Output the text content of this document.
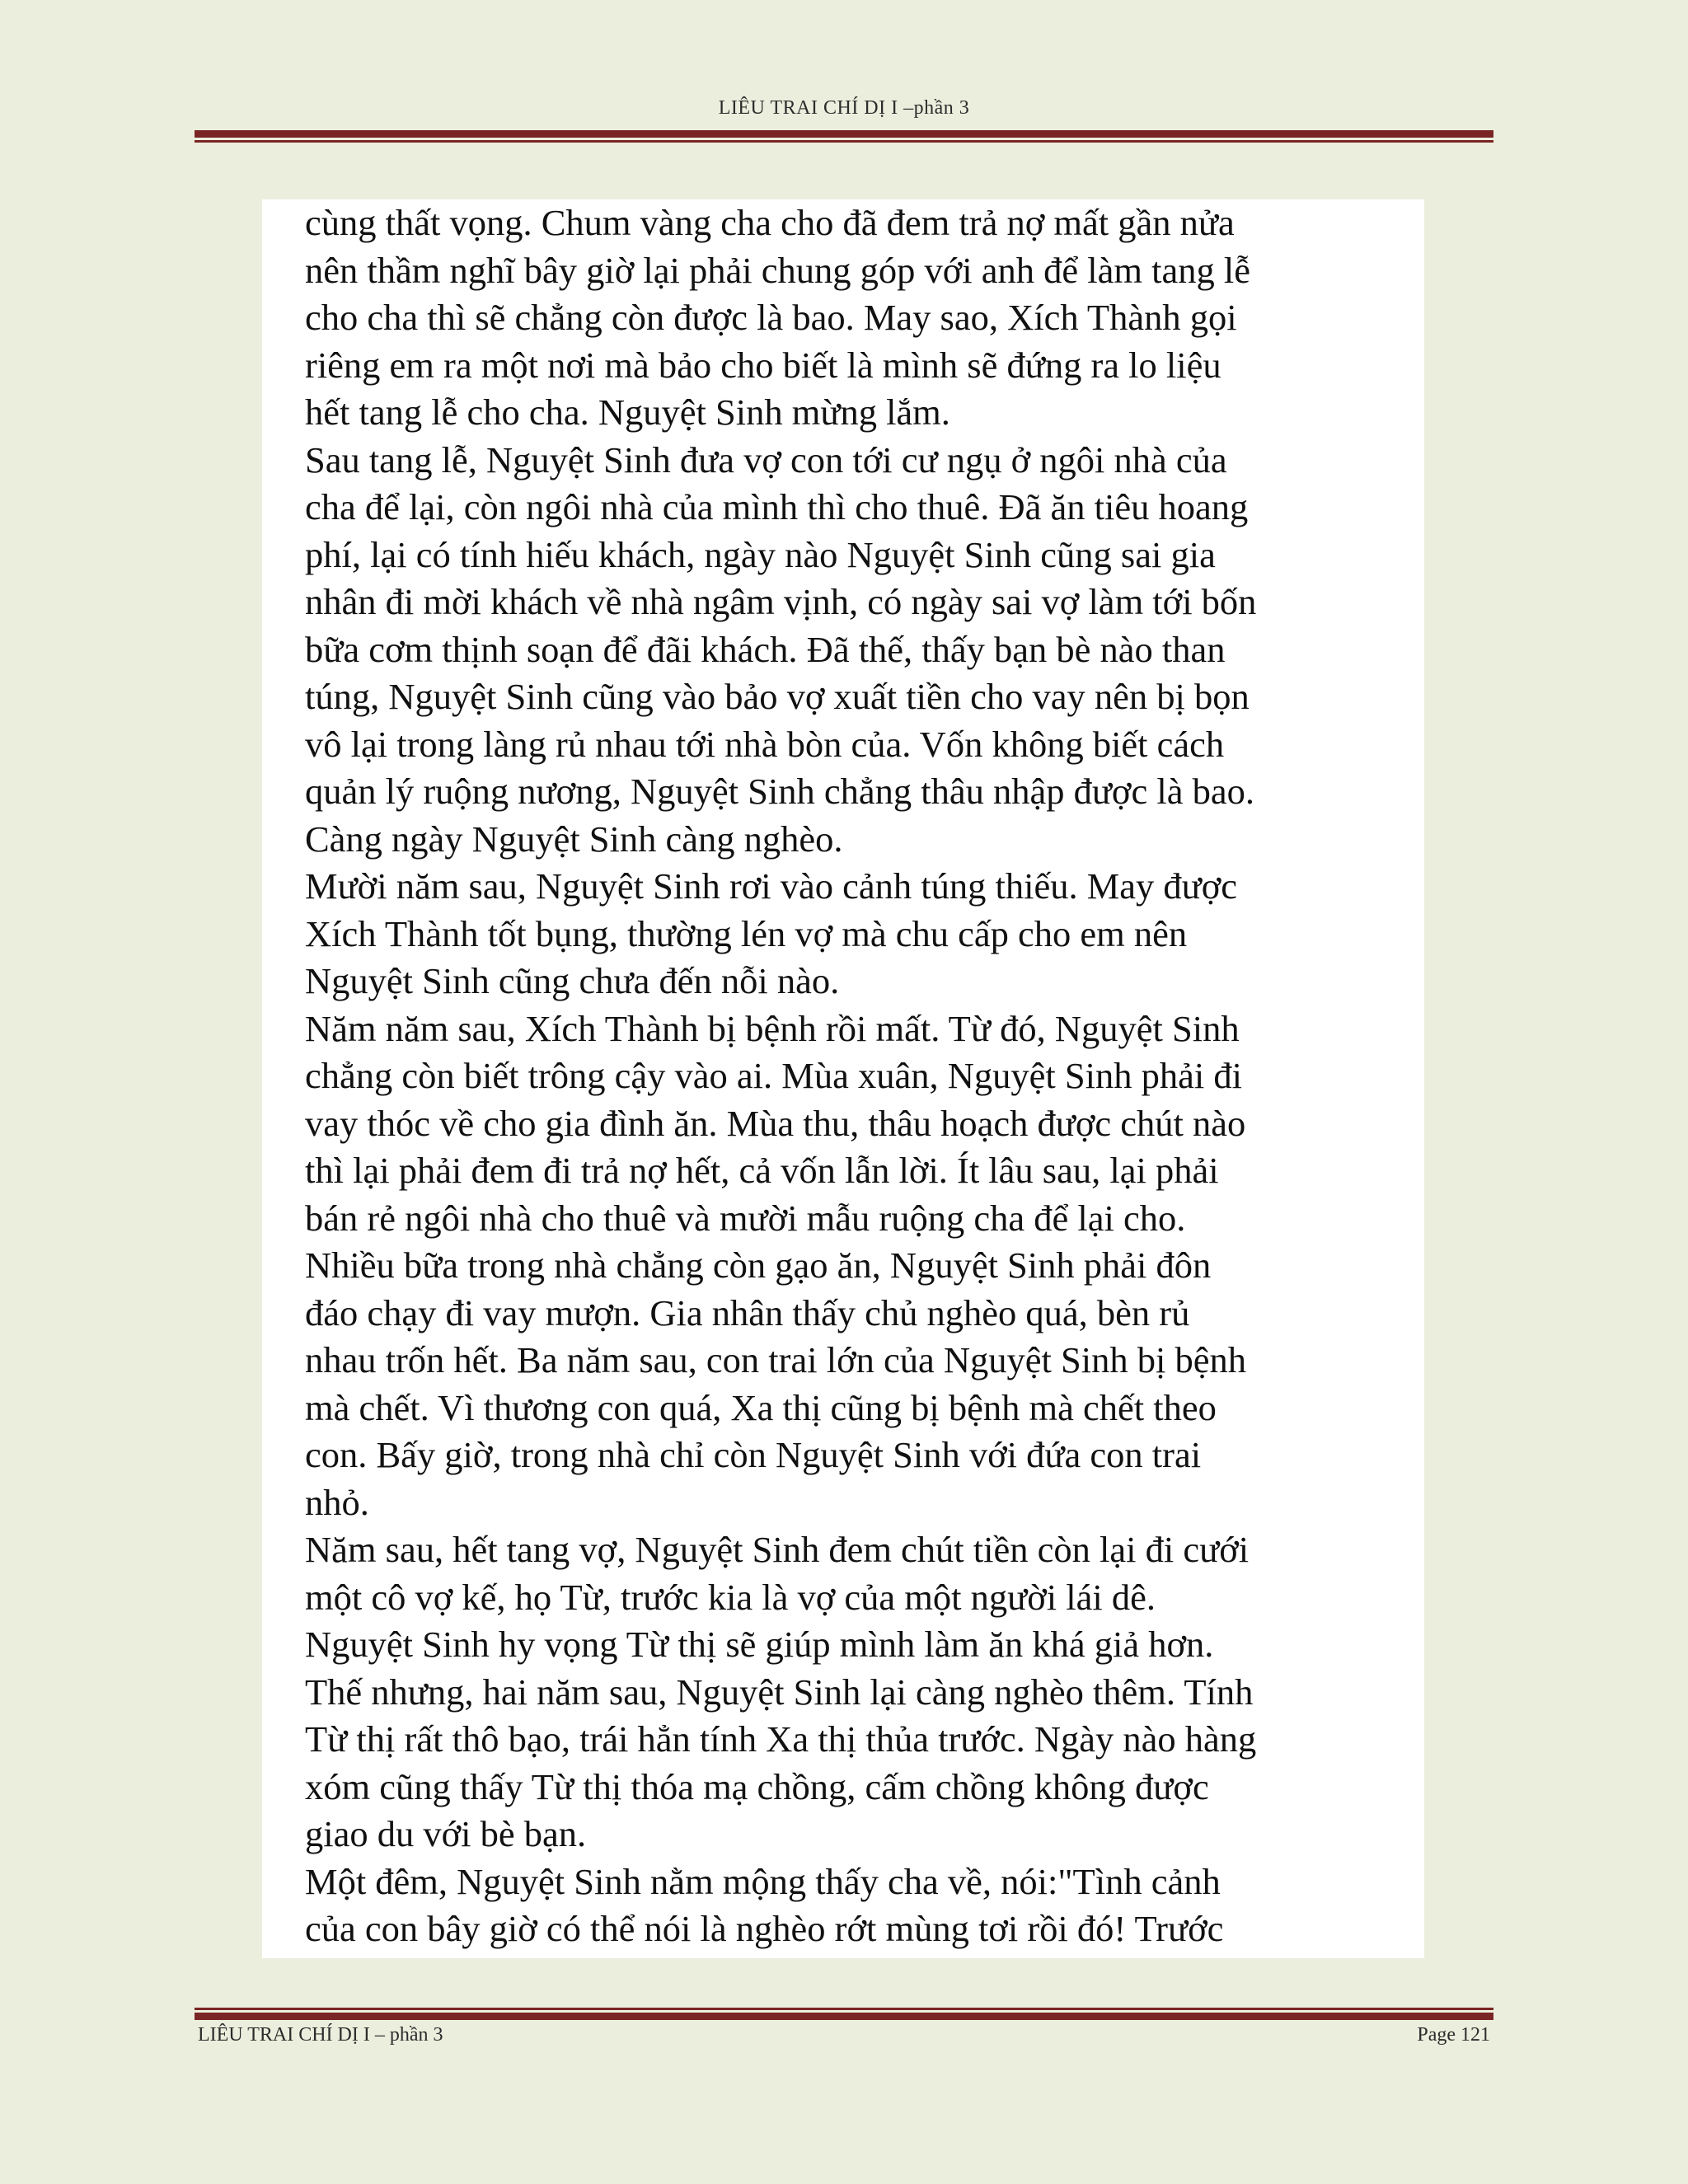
LIÊU TRAI CHÍ DỊ I –phần 3

cùng thất vọng. Chum vàng cha cho đã đem trả nợ mất gần nửa

nên thầm nghĩ bây giờ lại phải chung góp với anh để làm tang lễ

cho cha thì sẽ chẳng còn được là bao. May sao, Xích Thành gọi

riêng em ra một nơi mà bảo cho biết là mình sẽ đứng ra lo liệu

hết tang lễ cho cha. Nguyệt Sinh mừng lắm.

Sau tang lễ, Nguyệt Sinh đưa vợ con tới cư ngụ ở ngôi nhà của

cha để lại, còn ngôi nhà của mình thì cho thuê. Đã ăn tiêu hoang

phí, lại có tính hiếu khách, ngày nào Nguyệt Sinh cũng sai gia

nhân đi mời khách về nhà ngâm vịnh, có ngày sai vợ làm tới bốn

bữa cơm thịnh soạn để đãi khách. Đã thế, thấy bạn bè nào than

túng, Nguyệt Sinh cũng vào bảo vợ xuất tiền cho vay nên bị bọn

vô lại trong làng rủ nhau tới nhà bòn của. Vốn không biết cách

quản lý ruộng nương, Nguyệt Sinh chẳng thâu nhập được là bao.

Càng ngày Nguyệt Sinh càng nghèo.

Mười năm sau, Nguyệt Sinh rơi vào cảnh túng thiếu. May được

Xích Thành tốt bụng, thường lén vợ mà chu cấp cho em nên

Nguyệt Sinh cũng chưa đến nỗi nào.

Năm năm sau, Xích Thành bị bệnh rồi mất. Từ đó, Nguyệt Sinh

chẳng còn biết trông cậy vào ai. Mùa xuân, Nguyệt Sinh phải đi

vay thóc về cho gia đình ăn. Mùa thu, thâu hoạch được chút nào

thì lại phải đem đi trả nợ hết, cả vốn lẫn lời. Ít lâu sau, lại phải

bán rẻ ngôi nhà cho thuê và mười mẫu ruộng cha để lại cho.

Nhiều bữa trong nhà chẳng còn gạo ăn, Nguyệt Sinh phải đôn

đáo chạy đi vay mượn. Gia nhân thấy chủ nghèo quá, bèn rủ

nhau trốn hết. Ba năm sau, con trai lớn của Nguyệt Sinh bị bệnh

mà chết. Vì thương con quá, Xa thị cũng bị bệnh mà chết theo

con. Bấy giờ, trong nhà chỉ còn Nguyệt Sinh với đứa con trai

nhỏ.

Năm sau, hết tang vợ, Nguyệt Sinh đem chút tiền còn lại đi cưới

một cô vợ kế, họ Từ, trước kia là vợ của một người lái dê.

Nguyệt Sinh hy vọng Từ thị sẽ giúp mình làm ăn khá giả hơn.

Thế nhưng, hai năm sau, Nguyệt Sinh lại càng nghèo thêm. Tính

Từ thị rất thô bạo, trái hẳn tính Xa thị thủa trước. Ngày nào hàng

xóm cũng thấy Từ thị thóa mạ chồng, cấm chồng không được

giao du với bè bạn.

Một đêm, Nguyệt Sinh nằm mộng thấy cha về, nói:"Tình cảnh

của con bây giờ có thể nói là nghèo rớt mùng tơi rồi đó! Trước

LIÊU TRAI CHÍ DỊ I – phần 3	Page 121
